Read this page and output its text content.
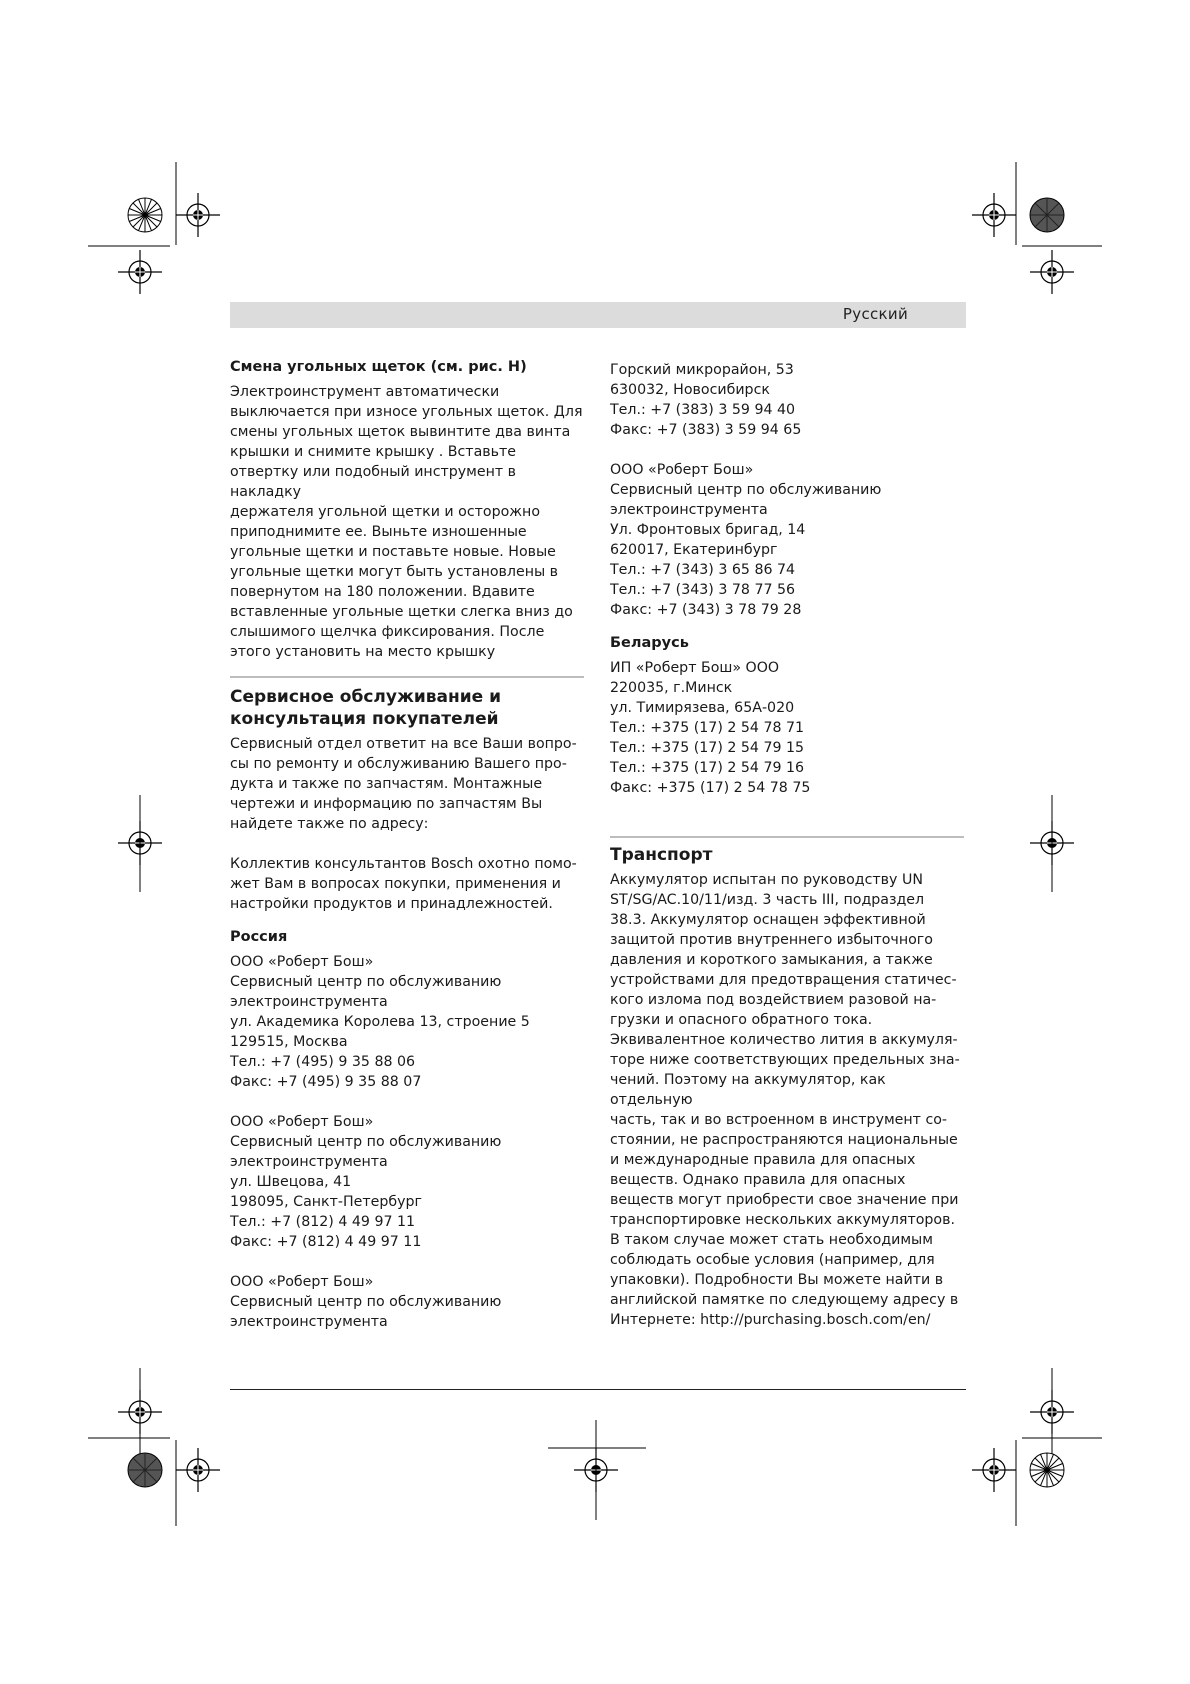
Русский
Смена угольных щеток (см. рис. H)

Электроинструмент автоматически
выключается при износе угольных щеток. Для
смены угольных щеток вывинтите два винта
крышки и снимите крышку . Вставьте
отвертку или подобный инструмент в накладку
держателя угольной щетки и осторожно
приподнимите ее. Выньте изношенные
угольные щетки и поставьте новые. Новые
угольные щетки могут быть установлены в
повернутом на 180 положении. Вдавите
вставленные угольные щетки слегка вниз до
слышимого щелчка фиксирования. После
этого установить на место крышку

Сервисное обслуживание и консультация покупателей

Сервисный отдел ответит на все Ваши вопро-
сы по ремонту и обслуживанию Вашего про-
дукта и также по запчастям. Монтажные
чертежи и информацию по запчастям Вы
найдете также по адресу:

Коллектив консультантов Bosch охотно помо-
жет Вам в вопросах покупки, применения и
настройки продуктов и принадлежностей.

Россия

ООО «Роберт Бош»
Сервисный центр по обслуживанию
электроинструмента
ул. Академика Королева 13, строение 5
129515, Москва
Тел.: +7 (495) 9 35 88 06
Факс: +7 (495) 9 35 88 07

ООО «Роберт Бош»
Сервисный центр по обслуживанию
электроинструмента
ул. Швецова, 41
198095, Санкт-Петербург
Тел.: +7 (812) 4 49 97 11
Факс: +7 (812) 4 49 97 11

ООО «Роберт Бош»
Сервисный центр по обслуживанию
электроинструмента

Горский микрорайон, 53
630032, Новосибирск
Тел.: +7 (383) 3 59 94 40
Факс: +7 (383) 3 59 94 65

ООО «Роберт Бош»
Сервисный центр по обслуживанию
электроинструмента
Ул. Фронтовых бригад, 14
620017, Екатеринбург
Тел.: +7 (343) 3 65 86 74
Тел.: +7 (343) 3 78 77 56
Факс: +7 (343) 3 78 79 28

Беларусь

ИП «Роберт Бош» ООО
220035, г.Минск
ул. Тимирязева, 65А-020
Тел.: +375 (17) 2 54 78 71
Тел.: +375 (17) 2 54 79 15
Тел.: +375 (17) 2 54 79 16
Факс: +375 (17) 2 54 78 75

Транспорт

Аккумулятор испытан по руководству UN
ST/SG/AC.10/11/изд. 3 часть III, подраздел
38.3. Аккумулятор оснащен эффективной
защитой против внутреннего избыточного
давления и короткого замыкания, а также
устройствами для предотвращения статичес-
кого излома под воздействием разовой на-
грузки и опасного обратного тока.
Эквивалентное количество лития в аккумуля-
торе ниже соответствующих предельных зна-
чений. Поэтому на аккумулятор, как отдельную
часть, так и во встроенном в инструмент со-
стоянии, не распространяются национальные
и международные правила для опасных
веществ. Однако правила для опасных
веществ могут приобрести свое значение при
транспортировке нескольких аккумуляторов.
В таком случае может стать необходимым
соблюдать особые условия (например, для
упаковки). Подробности Вы можете найти в
английской памятке по следующему адресу в
Интернете: http://purchasing.bosch.com/en/
